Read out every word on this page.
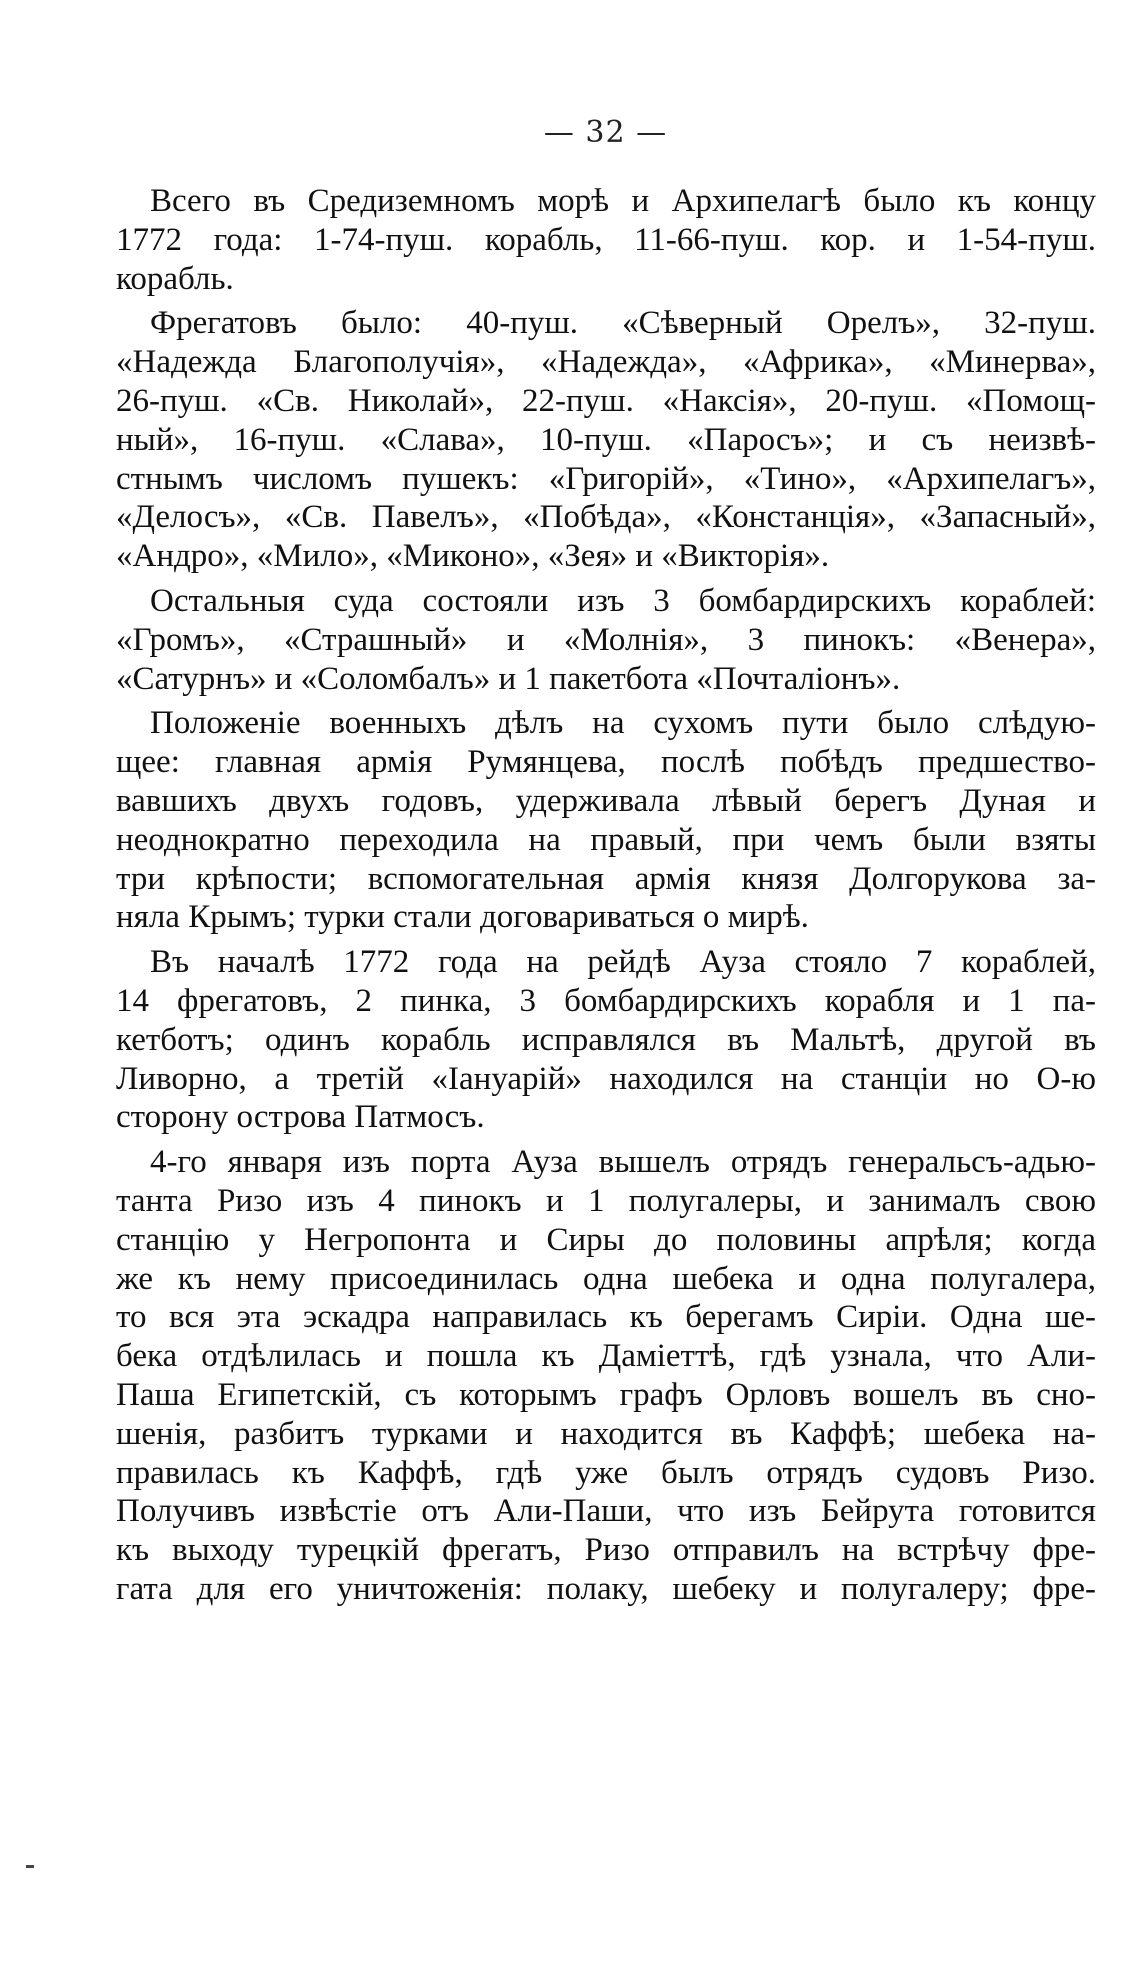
— 32 —
Всего въ Средиземномъ морѣ и Архипелагѣ было къ концу
1772 года: 1-74-пуш. корабль, 11-66-пуш. кор. и 1-54-пуш.
корабль.
Фрегатовъ было: 40-пуш. «Сѣверный Орелъ», 32-пуш.
«Надежда Благополучія», «Надежда», «Африка», «Минерва»,
26-пуш. «Св. Николай», 22-пуш. «Наксія», 20-пуш. «Помощ-
ный», 16-пуш. «Слава», 10-пуш. «Паросъ»; и съ неизвѣ-
стнымъ числомъ пушекъ: «Григорій», «Тино», «Архипелагъ»,
«Делосъ», «Св. Павелъ», «Побѣда», «Констанція», «Запасный»,
«Андро», «Мило», «Миконо», «Зея» и «Викторія».
Остальныя суда состояли изъ 3 бомбардирскихъ кораблей:
«Громъ», «Страшный» и «Молнія», 3 пинокъ: «Венера»,
«Сатурнъ» и «Соломбалъ» и 1 пакетбота «Почталіонъ».
Положеніе военныхъ дѣлъ на сухомъ пути было слѣдую-
щее: главная армія Румянцева, послѣ побѣдъ предшество-
вавшихъ двухъ годовъ, удерживала лѣвый берегъ Дуная и
неоднократно переходила на правый, при чемъ были взяты
три крѣпости; вспомогательная армія князя Долгорукова за-
няла Крымъ; турки стали договариваться о мирѣ.
Въ началѣ 1772 года на рейдѣ Ауза стояло 7 кораблей,
14 фрегатовъ, 2 пинка, 3 бомбардирскихъ корабля и 1 па-
кетботъ; одинъ корабль исправлялся въ Мальтѣ, другой въ
Ливорно, а третій «Іануарій» находился на станціи но О-ю
сторону острова Патмосъ.
4-го января изъ порта Ауза вышелъ отрядъ генеральсъ-адью-
танта Ризо изъ 4 пинокъ и 1 полугалеры, и занималъ свою
станцію у Негропонта и Сиры до половины апрѣля; когда
же къ нему присоединилась одна шебека и одна полугалера,
то вся эта эскадра направилась къ берегамъ Сиріи. Одна ше-
бека отдѣлилась и пошла къ Даміеттѣ, гдѣ узнала, что Али-
Паша Египетскій, съ которымъ графъ Орловъ вошелъ въ сно-
шенія, разбитъ турками и находится въ Каффѣ; шебека на-
правилась къ Каффѣ, гдѣ уже былъ отрядъ судовъ Ризо.
Получивъ извѣстіе отъ Али-Паши, что изъ Бейрута готовится
къ выходу турецкій фрегатъ, Ризо отправилъ на встрѣчу фре-
гата для его уничтоженія: полаку, шебеку и полугалеру; фре-
